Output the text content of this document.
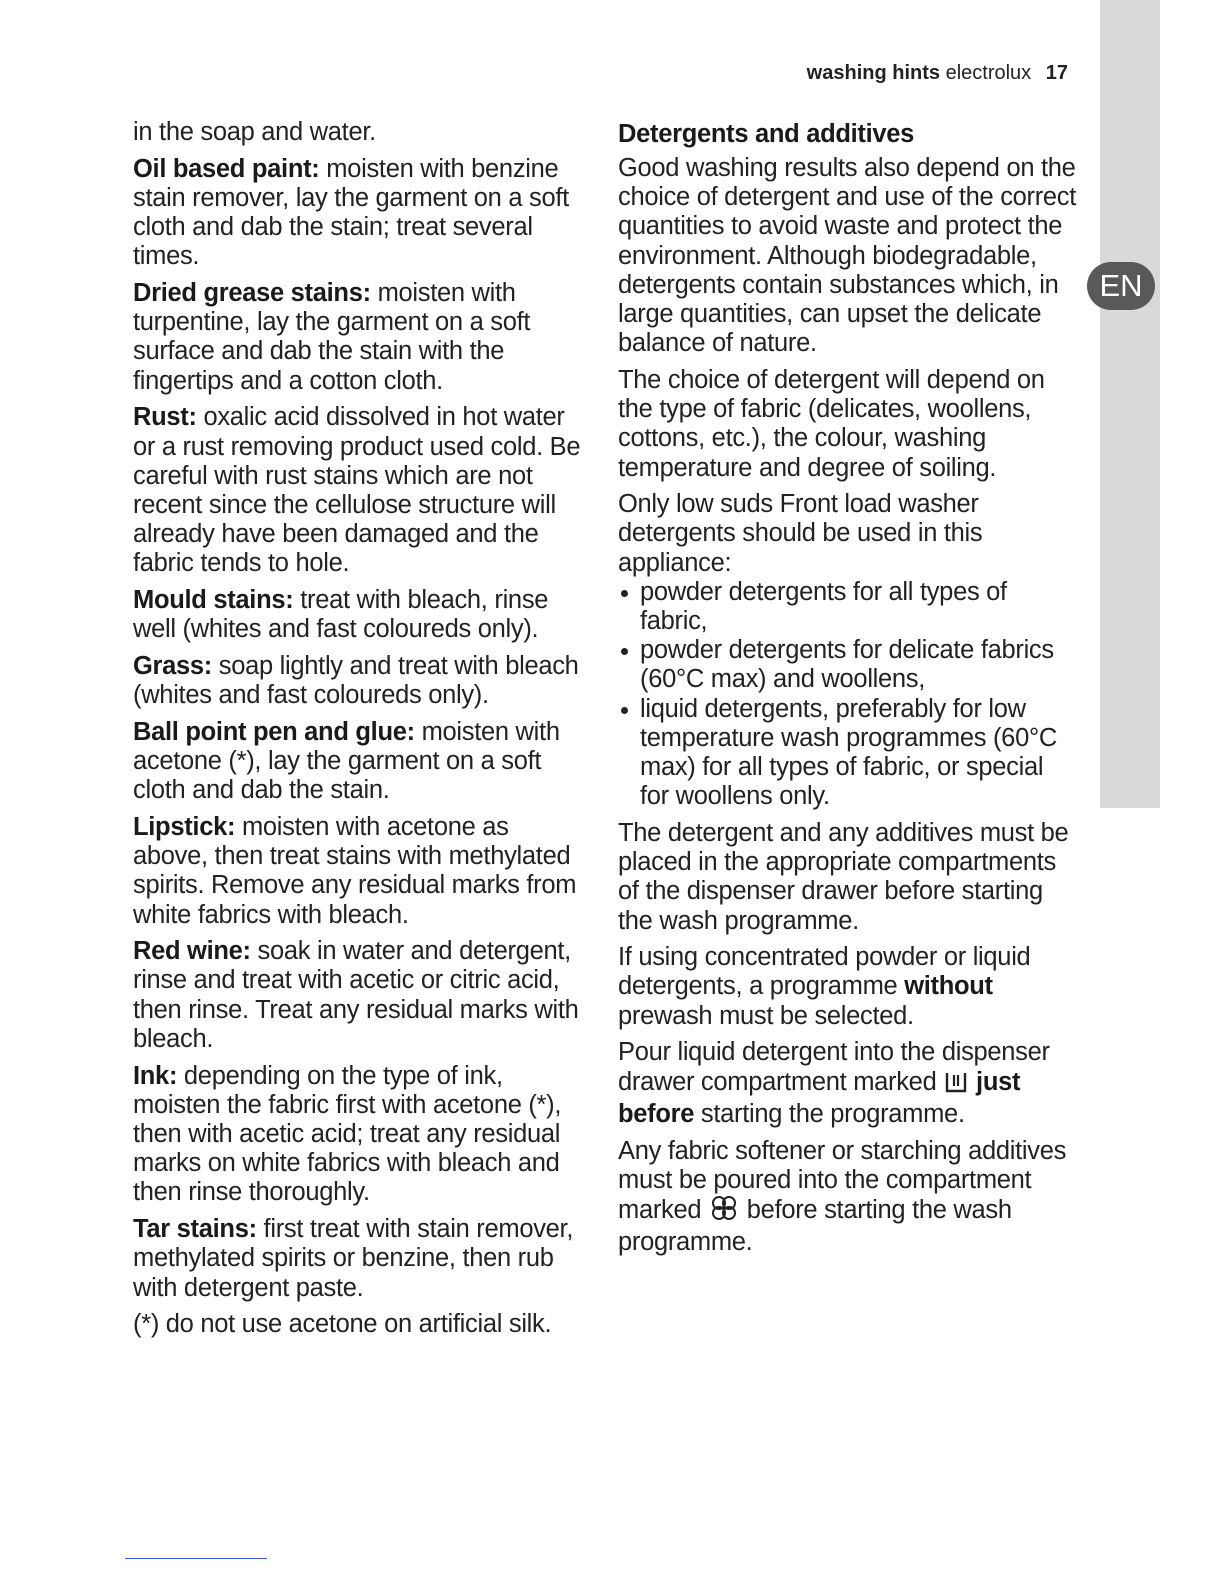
EN
washing hints electrolux 17

in the soap and water.

Oil based paint: moisten with benzine stain remover, lay the garment on a soft cloth and dab the stain; treat several times.

Dried grease stains: moisten with turpentine, lay the garment on a soft surface and dab the stain with the fingertips and a cotton cloth.

Rust: oxalic acid dissolved in hot water or a rust removing product used cold. Be careful with rust stains which are not recent since the cellulose structure will already have been damaged and the fabric tends to hole.

Mould stains: treat with bleach, rinse well (whites and fast coloureds only).

Grass: soap lightly and treat with bleach (whites and fast coloureds only).

Ball point pen and glue: moisten with acetone (*), lay the garment on a soft cloth and dab the stain.

Lipstick: moisten with acetone as above, then treat stains with methylated spirits. Remove any residual marks from white fabrics with bleach.

Red wine: soak in water and detergent, rinse and treat with acetic or citric acid, then rinse. Treat any residual marks with bleach.

Ink: depending on the type of ink, moisten the fabric first with acetone (*), then with acetic acid; treat any residual marks on white fabrics with bleach and then rinse thoroughly.

Tar stains: first treat with stain remover, methylated spirits or benzine, then rub with detergent paste.

(*) do not use acetone on artificial silk.

Detergents and additives

Good washing results also depend on the choice of detergent and use of the correct quantities to avoid waste and protect the environment. Although biodegradable, detergents contain substances which, in large quantities, can upset the delicate balance of nature.

The choice of detergent will depend on the type of fabric (delicates, woollens, cottons, etc.), the colour, washing temperature and degree of soiling.

Only low suds Front load washer detergents should be used in this appliance:

powder detergents for all types of fabric,
powder detergents for delicate fabrics (60°C max) and woollens,
liquid detergents, preferably for low temperature wash programmes (60°C max) for all types of fabric, or special for woollens only.

The detergent and any additives must be placed in the appropriate compartments of the dispenser drawer before starting the wash programme.

If using concentrated powder or liquid detergents, a programme without prewash must be selected.

Pour liquid detergent into the dispenser drawer compartment marked  just before starting the programme.

Any fabric softener or starching additives must be poured into the compartment marked  before starting the wash programme.
